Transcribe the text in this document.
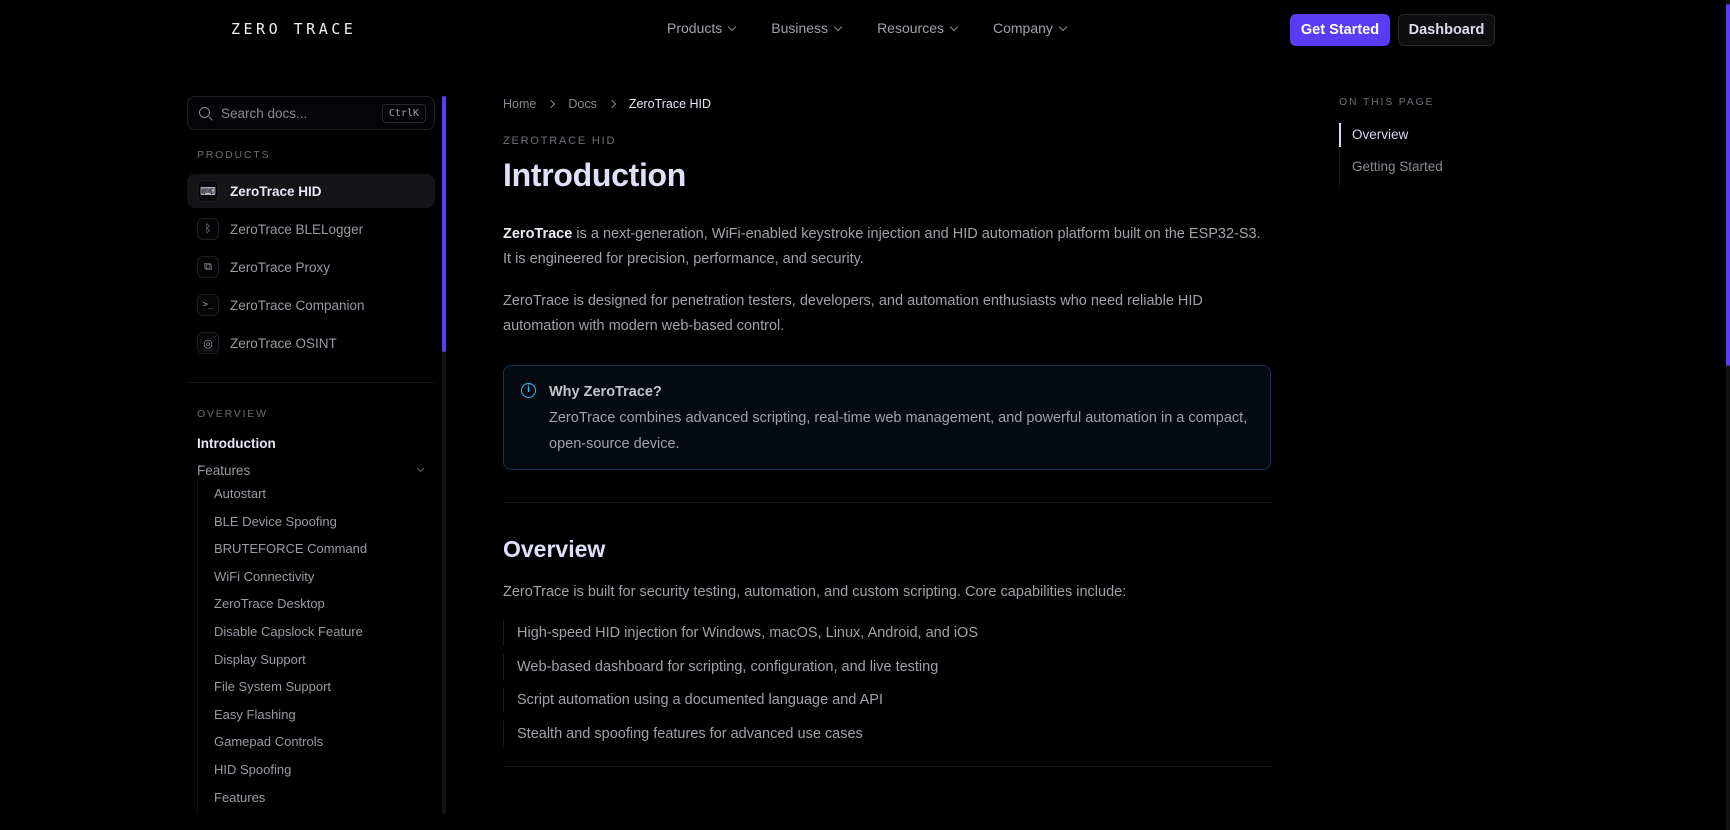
ZERO TRACE	Products	Business	Resources	Company	Get Started	Dashboard
Search docs...	CtrlK
PRODUCTS
⌨ ZeroTrace HID
ᛒ	ZeroTrace BLELogger
⧉	ZeroTrace Proxy
>_	ZeroTrace Companion
◎	ZeroTrace OSINT
OVERVIEW
Introduction
Features
Autostart
BLE Device Spoofing
BRUTEFORCE Command
WiFi Connectivity
ZeroTrace Desktop
Disable Capslock Feature
Display Support
File System Support
Easy Flashing
Gamepad Controls
HID Spoofing
Features
Home	Docs	ZeroTrace HID
ZEROTRACE HID
Introduction

ZeroTrace is a next-generation, WiFi-enabled keystroke injection and HID automation platform built on the ESP32-S3. It is engineered for precision, performance, and security.

ZeroTrace is designed for penetration testers, developers, and automation enthusiasts who need reliable HID automation with modern web-based control.

i	Why ZeroTrace?
ZeroTrace combines advanced scripting, real-time web management, and powerful automation in a compact, open-source device.
Overview

ZeroTrace is built for security testing, automation, and custom scripting. Core capabilities include:

High-speed HID injection for Windows, macOS, Linux, Android, and iOS
Web-based dashboard for scripting, configuration, and live testing
Script automation using a documented language and API
Stealth and spoofing features for advanced use cases
ON THIS PAGE
Overview
Getting Started
